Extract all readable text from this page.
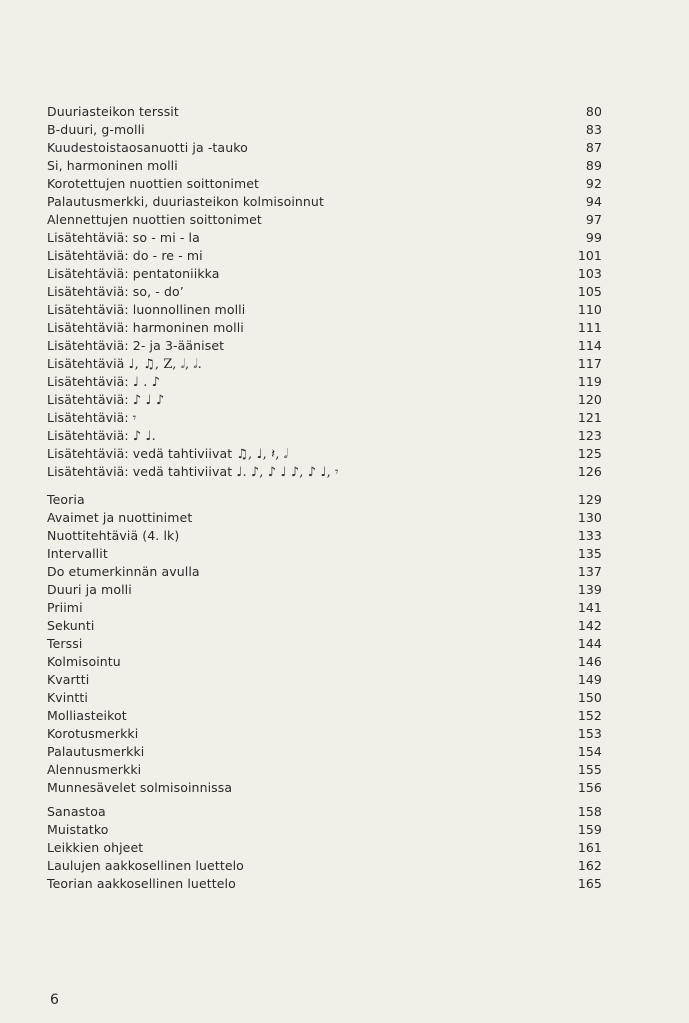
Duuriasteikon terssit	80
B-duuri, g-molli	83
Kuudestoistaosanuotti ja -tauko	87
Si, harmoninen molli	89
Korotettujen nuottien soittonimet	92
Palautusmerkki, duuriasteikon kolmisoinnut	94
Alennettujen nuottien soittonimet	97
Lisätehtäviä: so - mi - la	99
Lisätehtäviä: do - re - mi	101
Lisätehtäviä: pentatoniikka	103
Lisätehtäviä: so, - do’	105
Lisätehtäviä: luonnollinen molli	110
Lisätehtäviä: harmoninen molli	111
Lisätehtäviä: 2- ja 3-ääniset	114
Lisätehtäviä ♩, ♫, Z, 𝅗𝅥, 𝅗𝅥.	117
Lisätehtäviä: ♩ . ♪	119
Lisätehtäviä: ♪ ♩ ♪	120
Lisätehtäviä: 𝄾	121
Lisätehtäviä: ♪ ♩.	123
Lisätehtäviä: vedä tahtiviivat ♫, ♩, 𝄽, 𝅗𝅥	125
Lisätehtäviä: vedä tahtiviivat ♩. ♪, ♪ ♩ ♪, ♪ ♩, 𝄾	126
Teoria	129
Avaimet ja nuottinimet	130
Nuottitehtäviä (4. lk)	133
Intervallit	135
Do etumerkinnän avulla	137
Duuri ja molli	139
Priimi	141
Sekunti	142
Terssi	144
Kolmisointu	146
Kvartti	149
Kvintti	150
Molliasteikot	152
Korotusmerkki	153
Palautusmerkki	154
Alennusmerkki	155
Munnesävelet solmisoinnissa	156
Sanastoa	158
Muistatko	159
Leikkien ohjeet	161
Laulujen aakkosellinen luettelo	162
Teorian aakkosellinen luettelo	165
6
